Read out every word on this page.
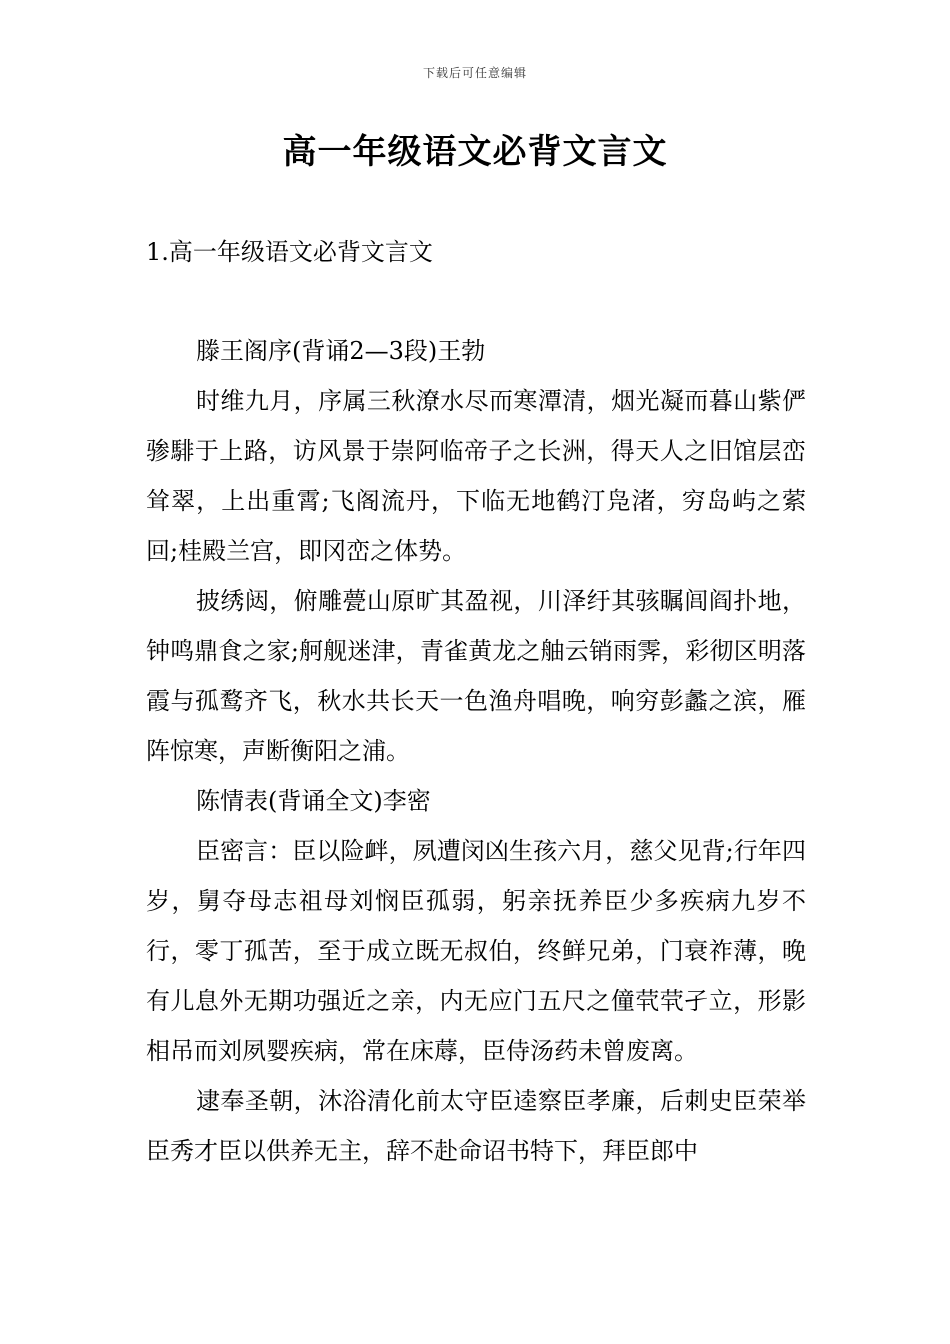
下载后可任意编辑
高一年级语文必背文言文
1.高一年级语文必背文言文

滕王阁序(背诵2—3段)王勃

时维九月，序属三秋潦水尽而寒潭清，烟光凝而暮山紫俨骖騑于上路，访风景于崇阿临帝子之长洲，得天人之旧馆层峦耸翠，上出重霄;飞阁流丹，下临无地鹤汀凫渚，穷岛屿之萦回;桂殿兰宫，即冈峦之体势。

披绣闼，俯雕甍山原旷其盈视，川泽纡其骇瞩闾阎扑地，钟鸣鼎食之家;舸舰迷津，青雀黄龙之舳云销雨霁，彩彻区明落霞与孤鹜齐飞，秋水共长天一色渔舟唱晚，响穷彭蠡之滨，雁阵惊寒，声断衡阳之浦。

陈情表(背诵全文)李密

臣密言：臣以险衅，夙遭闵凶生孩六月，慈父见背;行年四岁，舅夺母志祖母刘悯臣孤弱，躬亲抚养臣少多疾病九岁不行，零丁孤苦，至于成立既无叔伯，终鲜兄弟，门衰祚薄，晚有儿息外无期功强近之亲，内无应门五尺之僮茕茕孑立，形影相吊而刘夙婴疾病，常在床蓐，臣侍汤药未曾废离。

逮奉圣朝，沐浴清化前太守臣逵察臣孝廉，后刺史臣荣举臣秀才臣以供养无主，辞不赴命诏书特下，拜臣郎中
